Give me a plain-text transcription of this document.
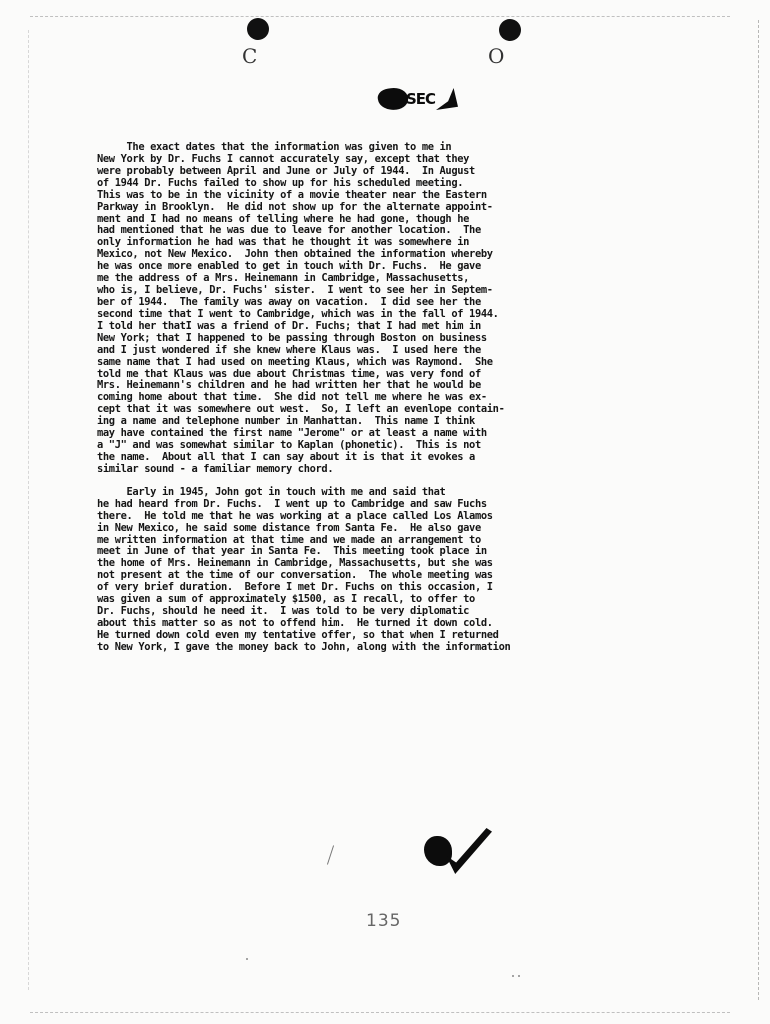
C	O
SEC

The exact dates that the information was given to me in
New York by Dr. Fuchs I cannot accurately say, except that they
were probably between April and June or July of 1944.  In August
of 1944 Dr. Fuchs failed to show up for his scheduled meeting.
This was to be in the vicinity of a movie theater near the Eastern
Parkway in Brooklyn.  He did not show up for the alternate appoint-
ment and I had no means of telling where he had gone, though he
had mentioned that he was due to leave for another location.  The
only information he had was that he thought it was somewhere in
Mexico, not New Mexico.  John then obtained the information whereby
he was once more enabled to get in touch with Dr. Fuchs.  He gave
me the address of a Mrs. Heinemann in Cambridge, Massachusetts,
who is, I believe, Dr. Fuchs' sister.  I went to see her in Septem-
ber of 1944.  The family was away on vacation.  I did see her the
second time that I went to Cambridge, which was in the fall of 1944.
I told her thatI was a friend of Dr. Fuchs; that I had met him in
New York; that I happened to be passing through Boston on business
and I just wondered if she knew where Klaus was.  I used here the
same name that I had used on meeting Klaus, which was Raymond.  She
told me that Klaus was due about Christmas time, was very fond of
Mrs. Heinemann's children and he had written her that he would be
coming home about that time.  She did not tell me where he was ex-
cept that it was somewhere out west.  So, I left an evenlope contain-
ing a name and telephone number in Manhattan.  This name I think
may have contained the first name "Jerome" or at least a name with
a "J" and was somewhat similar to Kaplan (phonetic).  This is not
the name.  About all that I can say about it is that it evokes a
similar sound - a familiar memory chord.

Early in 1945, John got in touch with me and said that
he had heard from Dr. Fuchs.  I went up to Cambridge and saw Fuchs
there.  He told me that he was working at a place called Los Alamos
in New Mexico, he said some distance from Santa Fe.  He also gave
me written information at that time and we made an arrangement to
meet in June of that year in Santa Fe.  This meeting took place in
the home of Mrs. Heinemann in Cambridge, Massachusetts, but she was
not present at the time of our conversation.  The whole meeting was
of very brief duration.  Before I met Dr. Fuchs on this occasion, I
was given a sum of approximately $1500, as I recall, to offer to
Dr. Fuchs, should he need it.  I was told to be very diplomatic
about this matter so as not to offend him.  He turned it down cold.
He turned down cold even my tentative offer, so that when I returned
to New York, I gave the money back to John, along with the information

135
